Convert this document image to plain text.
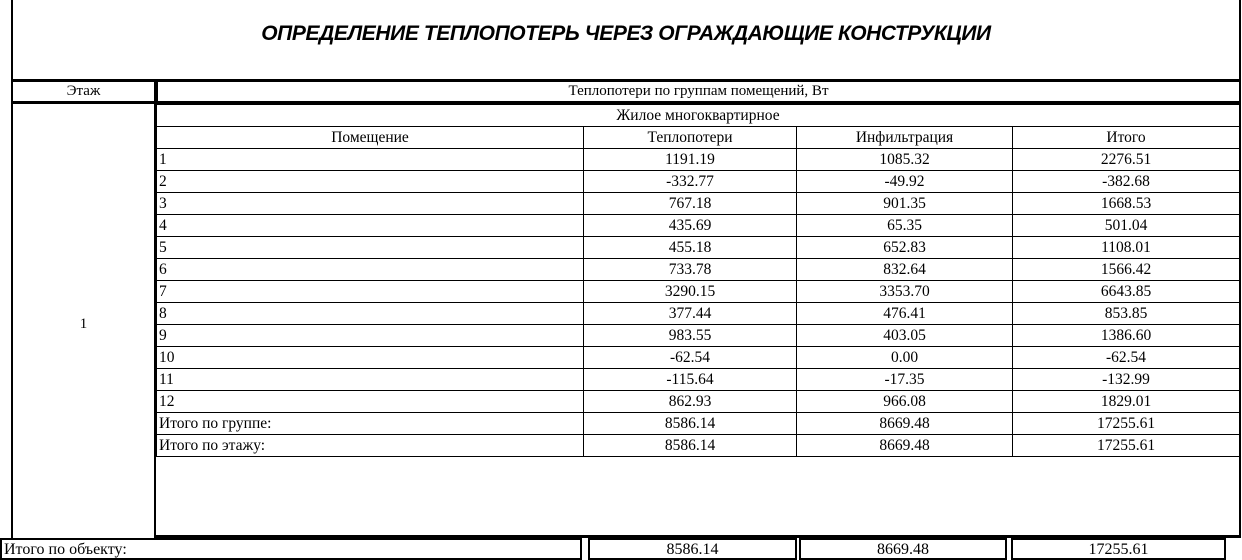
ОПРЕДЕЛЕНИЕ ТЕПЛОПОТЕРЬ ЧЕРЕЗ ОГРАЖДАЮЩИЕ КОНСТРУКЦИИ
Этаж	Теплопотери по группам помещений, Вт
1
Жилое многоквартирное			
Помещение	Теплопотери	Инфильтрация	Итого
1	1191.19	1085.32	2276.51
2	-332.77	-49.92	-382.68
3	767.18	901.35	1668.53
4	435.69	65.35	501.04
5	455.18	652.83	1108.01
6	733.78	832.64	1566.42
7	3290.15	3353.70	6643.85
8	377.44	476.41	853.85
9	983.55	403.05	1386.60
10	-62.54	0.00	-62.54
11	-115.64	-17.35	-132.99
12	862.93	966.08	1829.01
Итого по группе:	8586.14	8669.48	17255.61
Итого по этажу:	8586.14	8669.48	17255.61
Итого по объекту:	8586.14	8669.48	17255.61
